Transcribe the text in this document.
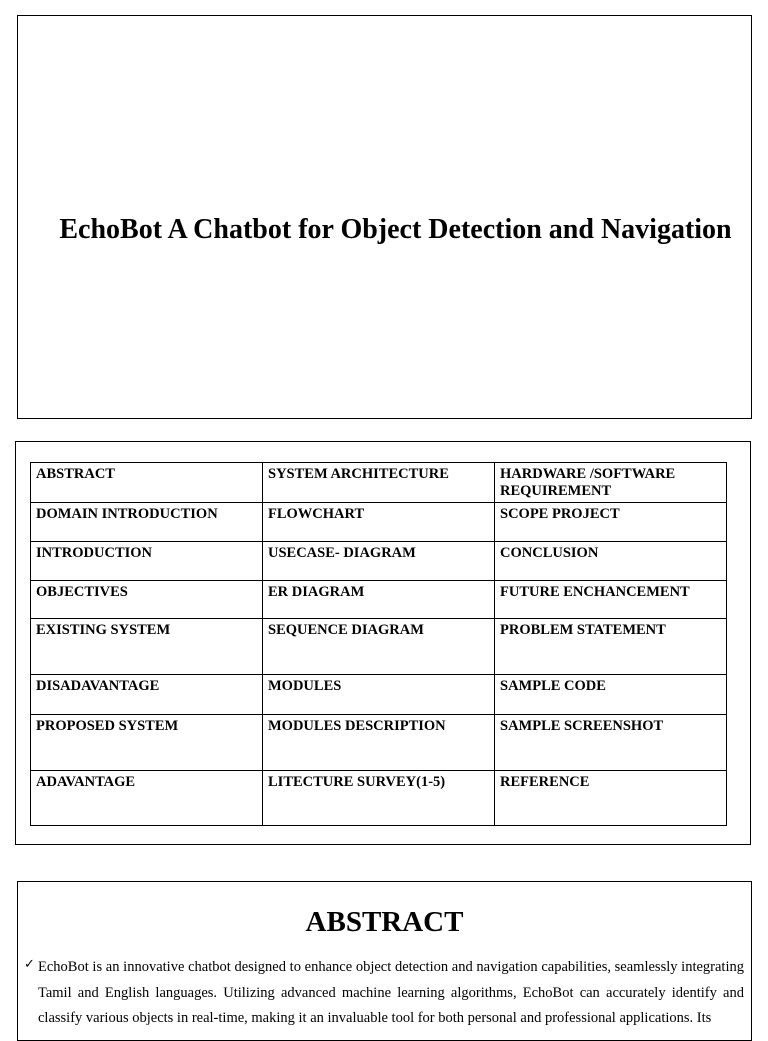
EchoBot A Chatbot for Object Detection and Navigation
ABSTRACT	SYSTEM ARCHITECTURE	HARDWARE /SOFTWARE REQUIREMENT
DOMAIN INTRODUCTION	FLOWCHART	SCOPE PROJECT
INTRODUCTION	USECASE- DIAGRAM	CONCLUSION
OBJECTIVES	ER DIAGRAM	FUTURE ENCHANCEMENT
EXISTING SYSTEM	SEQUENCE DIAGRAM	PROBLEM STATEMENT
DISADAVANTAGE	MODULES	SAMPLE CODE
PROPOSED SYSTEM	MODULES DESCRIPTION	SAMPLE SCREENSHOT
ADAVANTAGE	LITECTURE SURVEY(1-5)	REFERENCE
ABSTRACT
✓ EchoBot is an innovative chatbot designed to enhance object detection and navigation capabilities, seamlessly integrating Tamil and English languages. Utilizing advanced machine learning algorithms, EchoBot can accurately identify and classify various objects in real-time, making it an invaluable tool for both personal and professional applications. Its
